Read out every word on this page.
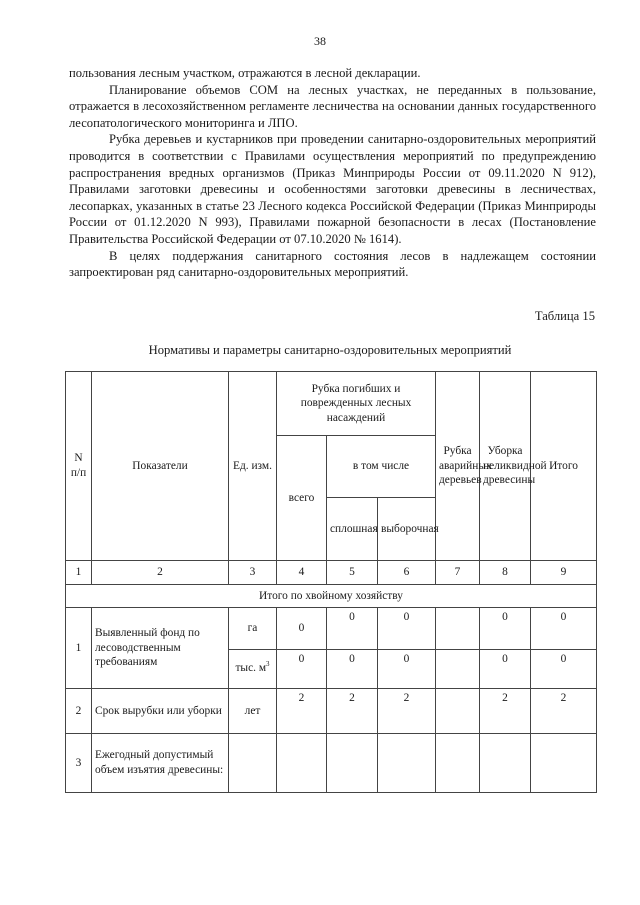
38

пользования лесным участком, отражаются в лесной декларации.

Планирование объемов СОМ на лесных участках, не переданных в пользование, отражается в лесохозяйственном регламенте лесничества на основании данных государственного лесопатологического мониторинга и ЛПО.

Рубка деревьев и кустарников при проведении санитарно-оздоровительных мероприятий проводится в соответствии с Правилами осуществления мероприятий по предупреждению распространения вредных организмов (Приказ Минприроды России от 09.11.2020 N 912), Правилами заготовки древесины и особенностями заготовки древесины в лесничествах, лесопарках, указанных в статье 23 Лесного кодекса Российской Федерации (Приказ Минприроды России от 01.12.2020 N 993), Правилами пожарной безопасности в лесах (Постановление Правительства Российской Федерации от 07.10.2020 № 1614).

В целях поддержания санитарного состояния лесов в надлежащем состоянии запроектирован ряд санитарно-оздоровительных мероприятий.

Таблица 15
Нормативы и параметры санитарно-оздоровительных мероприятий
N п/п	Показатели	Ед. изм.	Рубка погибших и поврежденных лесных насаждений			Рубка аварийных деревьев	Уборка неликвидной древесины	Итого
			всего	в том числе				
				сплошная	выборочная			
1	2	3	4	5	6	7	8	9
Итого по хвойному хозяйству								
1	Выявленный фонд по лесоводственным требованиям	га	0	0	0		0	0
		тыс. $м^3$	0	0	0		0	0
2	Срок вырубки или уборки	лет	2	2	2		2	2
3	Ежегодный допустимый объем изъятия древесины:							
